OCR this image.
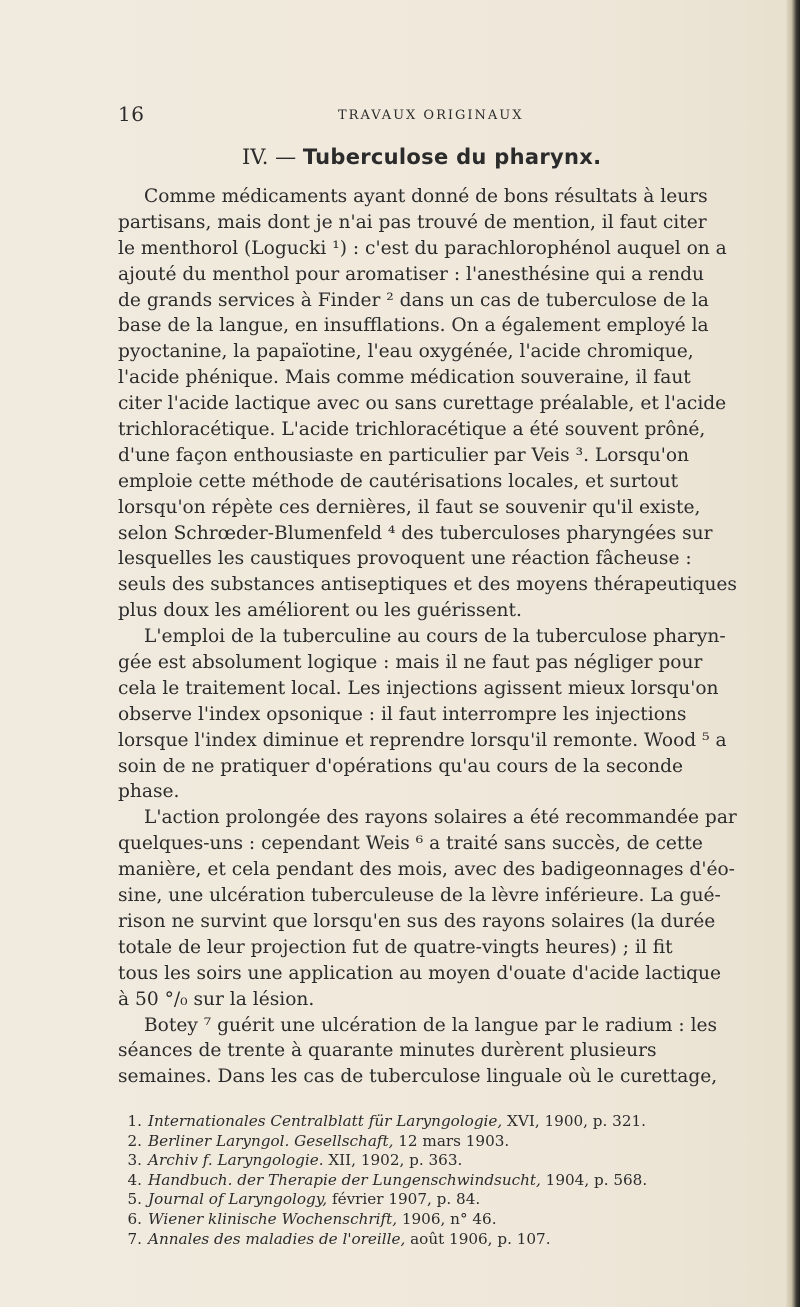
16	TRAVAUX ORIGINAUX
IV. — Tuberculose du pharynx.
Comme médicaments ayant donné de bons résultats à leurs
partisans, mais dont je n'ai pas trouvé de mention, il faut citer
le menthorol (Logucki ¹) : c'est du parachlorophénol auquel on a
ajouté du menthol pour aromatiser : l'anesthésine qui a rendu
de grands services à Finder ² dans un cas de tuberculose de la
base de la langue, en insufflations. On a également employé la
pyoctanine, la papaïotine, l'eau oxygénée, l'acide chromique,
l'acide phénique. Mais comme médication souveraine, il faut
citer l'acide lactique avec ou sans curettage préalable, et l'acide
trichloracétique. L'acide trichloracétique a été souvent prôné,
d'une façon enthousiaste en particulier par Veis ³. Lorsqu'on
emploie cette méthode de cautérisations locales, et surtout
lorsqu'on répète ces dernières, il faut se souvenir qu'il existe,
selon Schrœder-Blumenfeld ⁴ des tuberculoses pharyngées sur
lesquelles les caustiques provoquent une réaction fâcheuse :
seuls des substances antiseptiques et des moyens thérapeutiques
plus doux les améliorent ou les guérissent.
L'emploi de la tuberculine au cours de la tuberculose pharyn-
gée est absolument logique : mais il ne faut pas négliger pour
cela le traitement local. Les injections agissent mieux lorsqu'on
observe l'index opsonique : il faut interrompre les injections
lorsque l'index diminue et reprendre lorsqu'il remonte. Wood ⁵ a
soin de ne pratiquer d'opérations qu'au cours de la seconde
phase.
L'action prolongée des rayons solaires a été recommandée par
quelques-uns : cependant Weis ⁶ a traité sans succès, de cette
manière, et cela pendant des mois, avec des badigeonnages d'éo-
sine, une ulcération tuberculeuse de la lèvre inférieure. La gué-
rison ne survint que lorsqu'en sus des rayons solaires (la durée
totale de leur projection fut de quatre-vingts heures) ; il fit
tous les soirs une application au moyen d'ouate d'acide lactique
à 50 °/₀ sur la lésion.
Botey ⁷ guérit une ulcération de la langue par le radium : les
séances de trente à quarante minutes durèrent plusieurs
semaines. Dans les cas de tuberculose linguale où le curettage,
1. Internationales Centralblatt für Laryngologie, XVI, 1900, p. 321.
2. Berliner Laryngol. Gesellschaft, 12 mars 1903.
3. Archiv f. Laryngologie. XII, 1902, p. 363.
4. Handbuch. der Therapie der Lungenschwindsucht, 1904, p. 568.
5. Journal of Laryngology, février 1907, p. 84.
6. Wiener klinische Wochenschrift, 1906, n° 46.
7. Annales des maladies de l'oreille, août 1906, p. 107.
